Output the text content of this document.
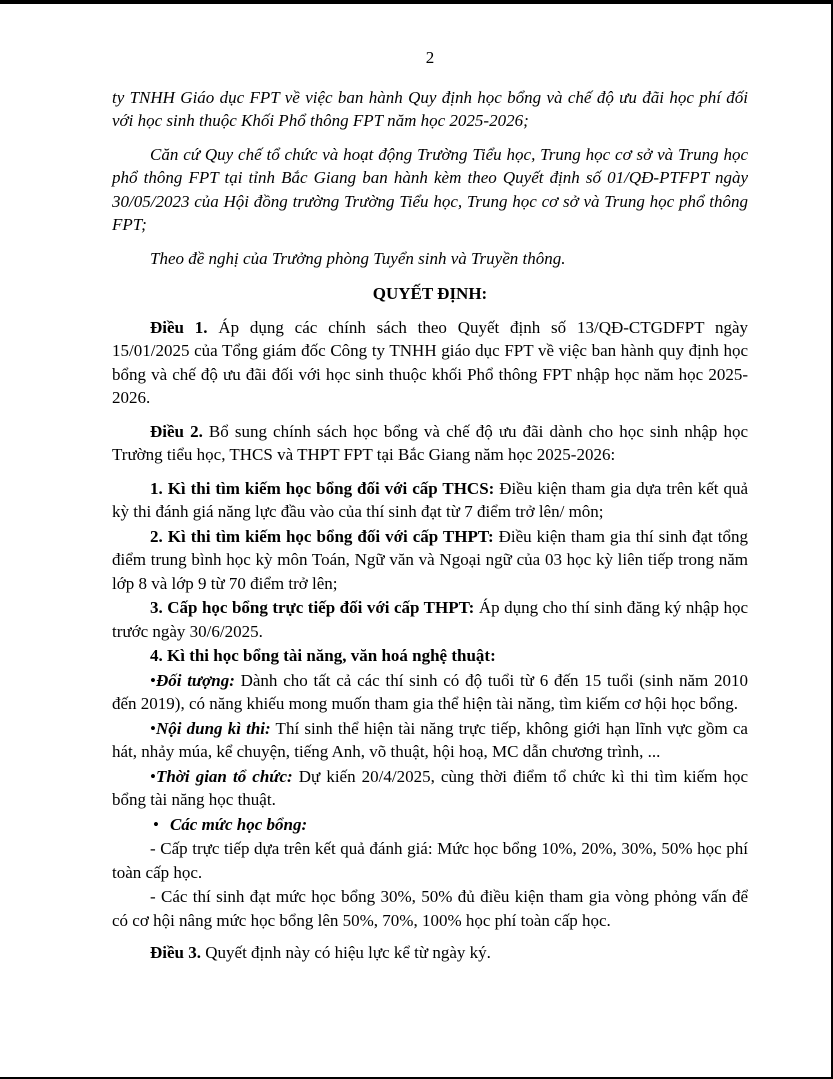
2

ty TNHH Giáo dục FPT về việc ban hành Quy định học bổng và chế độ ưu đãi học phí đối với học sinh thuộc Khối Phổ thông FPT năm học 2025-2026;

Căn cứ Quy chế tổ chức và hoạt động Trường Tiểu học, Trung học cơ sở và Trung học phổ thông FPT tại tỉnh Bắc Giang ban hành kèm theo Quyết định số 01/QĐ-PTFPT ngày 30/05/2023 của Hội đồng trường Trường Tiểu học, Trung học cơ sở và Trung học phổ thông FPT;

Theo đề nghị của Trưởng phòng Tuyển sinh và Truyền thông.

QUYẾT ĐỊNH:

Điều 1. Áp dụng các chính sách theo Quyết định số 13/QĐ-CTGDFPT ngày 15/01/2025 của Tổng giám đốc Công ty TNHH giáo dục FPT về việc ban hành quy định học bổng và chế độ ưu đãi đối với học sinh thuộc khối Phổ thông FPT nhập học năm học 2025-2026.

Điều 2. Bổ sung chính sách học bổng và chế độ ưu đãi dành cho học sinh nhập học Trường tiểu học, THCS và THPT FPT tại Bắc Giang năm học 2025-2026:

1. Kì thi tìm kiếm học bổng đối với cấp THCS: Điều kiện tham gia dựa trên kết quả kỳ thi đánh giá năng lực đầu vào của thí sinh đạt từ 7 điểm trở lên/ môn;

2. Kì thi tìm kiếm học bổng đối với cấp THPT: Điều kiện tham gia thí sinh đạt tổng điểm trung bình học kỳ môn Toán, Ngữ văn và Ngoại ngữ của 03 học kỳ liên tiếp trong năm lớp 8 và lớp 9 từ 70 điểm trở lên;

3. Cấp học bổng trực tiếp đối với cấp THPT: Áp dụng cho thí sinh đăng ký nhập học trước ngày 30/6/2025.

4. Kì thi học bổng tài năng, văn hoá nghệ thuật:

•Đối tượng: Dành cho tất cả các thí sinh có độ tuổi từ 6 đến 15 tuổi (sinh năm 2010 đến 2019), có năng khiếu mong muốn tham gia thể hiện tài năng, tìm kiếm cơ hội học bổng.

•Nội dung kì thi: Thí sinh thể hiện tài năng trực tiếp, không giới hạn lĩnh vực gồm ca hát, nhảy múa, kể chuyện, tiếng Anh, võ thuật, hội hoạ, MC dẫn chương trình, ...

•Thời gian tổ chức: Dự kiến 20/4/2025, cùng thời điểm tổ chức kì thi tìm kiếm học bổng tài năng học thuật.

• Các mức học bổng:

- Cấp trực tiếp dựa trên kết quả đánh giá: Mức học bổng 10%, 20%, 30%, 50% học phí toàn cấp học.

- Các thí sinh đạt mức học bổng 30%, 50% đủ điều kiện tham gia vòng phỏng vấn để có cơ hội nâng mức học bổng lên 50%, 70%, 100% học phí toàn cấp học.

Điều 3. Quyết định này có hiệu lực kể từ ngày ký.
